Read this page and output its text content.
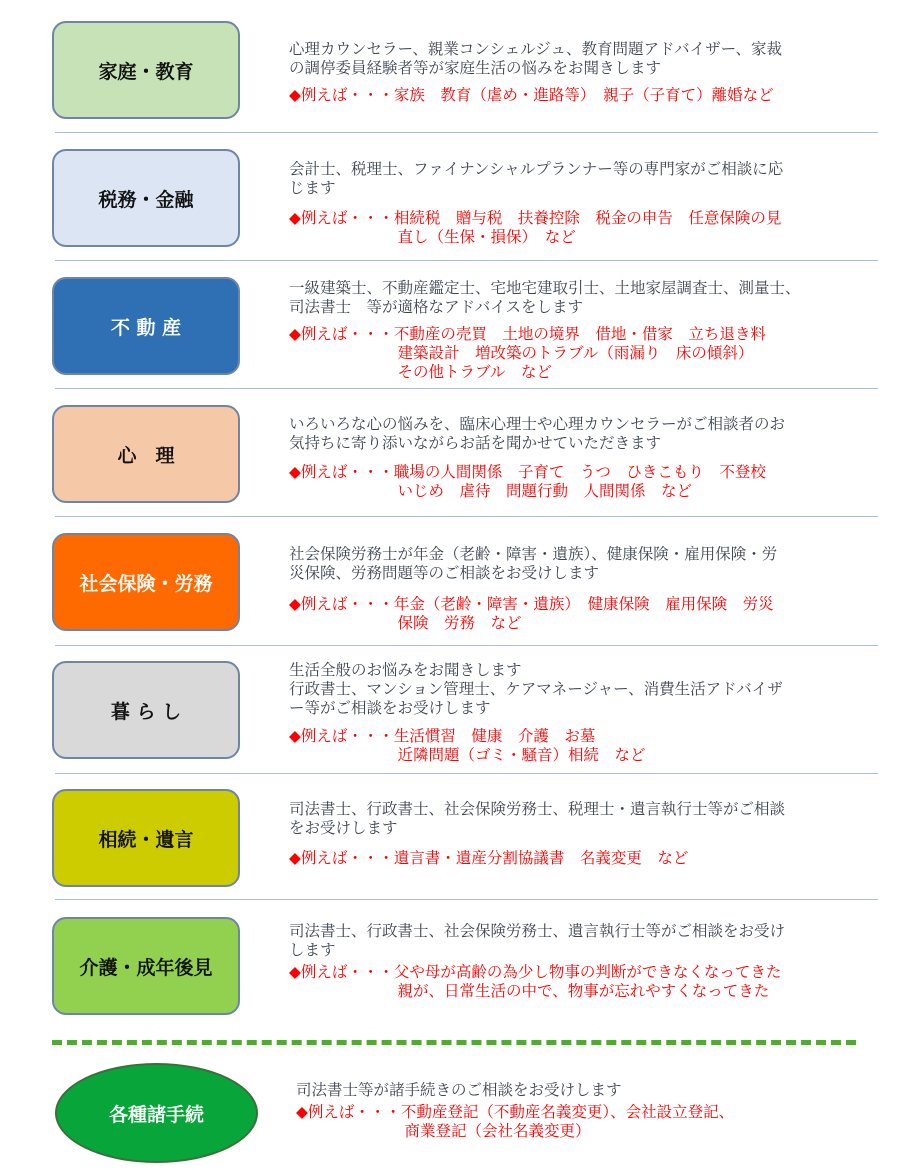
家庭・教育
心理カウンセラー、親業コンシェルジュ、教育問題アドバイザー、家裁
の調停委員経験者等が家庭生活の悩みをお聞きします
◆例えば・・・家族　教育（虐め・進路等）　親子（子育て）離婚など
税務・金融
会計士、税理士、ファイナンシャルプランナー等の専門家がご相談に応
じます
◆例えば・・・相続税　贈与税　扶養控除　税金の申告　任意保険の見
　　　　　　　直し（生保・損保）　など
不 動 産
一級建築士、不動産鑑定士、宅地宅建取引士、土地家屋調査士、測量士、
司法書士　等が適格なアドバイスをします
◆例えば・・・不動産の売買　土地の境界　借地・借家　立ち退き料
　　　　　　　建築設計　増改築のトラブル（雨漏り　床の傾斜）
　　　　　　　その他トラブル　など
心　理
いろいろな心の悩みを、臨床心理士や心理カウンセラーがご相談者のお
気持ちに寄り添いながらお話を聞かせていただきます
◆例えば・・・職場の人間関係　子育て　うつ　ひきこもり　不登校
　　　　　　　いじめ　虐待　問題行動　人間関係　など
社会保険・労務
社会保険労務士が年金（老齢・障害・遺族）、健康保険・雇用保険・労
災保険、労務問題等のご相談をお受けします
◆例えば・・・年金（老齢・障害・遺族）　健康保険　雇用保険　労災
　　　　　　　保険　労務　など
暮 ら し
生活全般のお悩みをお聞きします
行政書士、マンション管理士、ケアマネージャー、消費生活アドバイザ
ー等がご相談をお受けします
◆例えば・・・生活慣習　健康　介護　お墓
　　　　　　　近隣問題（ゴミ・騒音）相続　など
相続・遺言
司法書士、行政書士、社会保険労務士、税理士・遺言執行士等がご相談
をお受けします
◆例えば・・・遺言書・遺産分割協議書　名義変更　など
介護・成年後見
司法書士、行政書士、社会保険労務士、遺言執行士等がご相談をお受け
します
◆例えば・・・父や母が高齢の為少し物事の判断ができなくなってきた
　　　　　　　親が、日常生活の中で、物事が忘れやすくなってきた
各種諸手続
司法書士等が諸手続きのご相談をお受けします
◆例えば・・・不動産登記（不動産名義変更）、会社設立登記、
　　　　　　　商業登記（会社名義変更）
